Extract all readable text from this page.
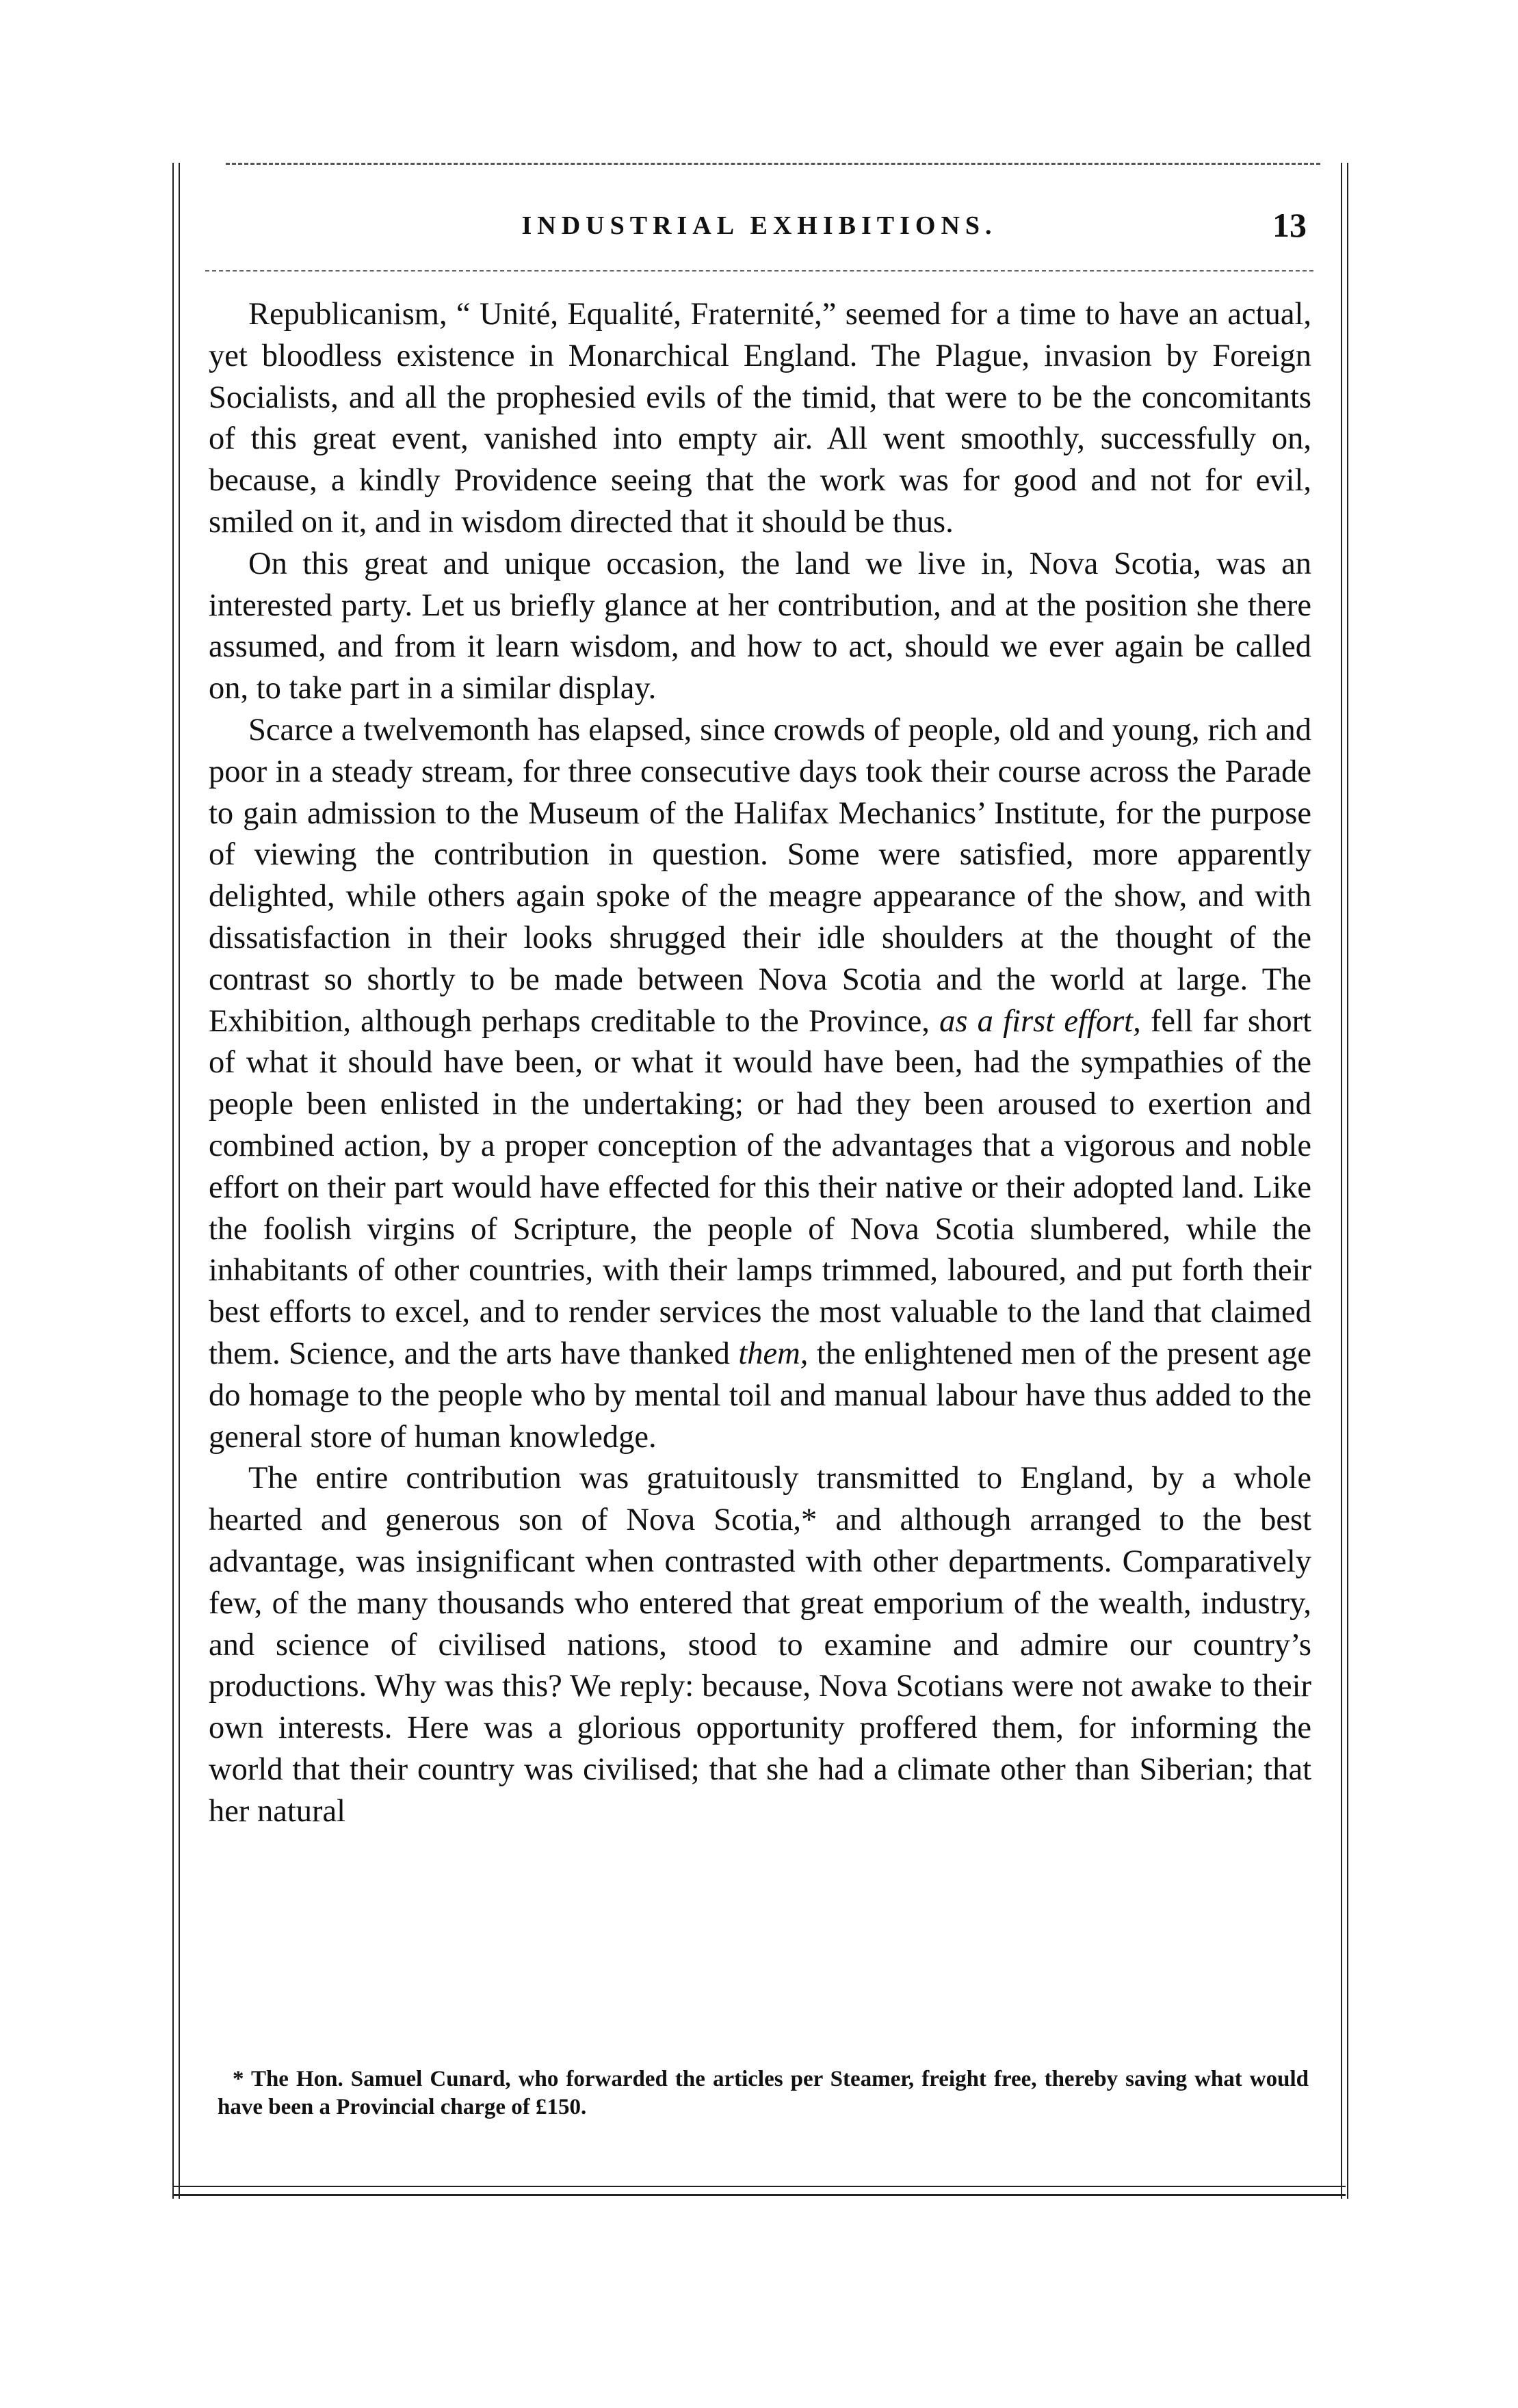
INDUSTRIAL EXHIBITIONS.	13

Republicanism, “ Unité, Equalité, Fraternité,” seemed for a time to have an actual, yet bloodless existence in Monarchical England. The Plague, invasion by Foreign Socialists, and all the prophesied evils of the timid, that were to be the concomitants of this great event, vanished into empty air. All went smoothly, successfully on, because, a kindly Providence seeing that the work was for good and not for evil, smiled on it, and in wisdom directed that it should be thus.

On this great and unique occasion, the land we live in, Nova Scotia, was an interested party. Let us briefly glance at her contribution, and at the position she there assumed, and from it learn wisdom, and how to act, should we ever again be called on, to take part in a similar display.

Scarce a twelvemonth has elapsed, since crowds of people, old and young, rich and poor in a steady stream, for three consecutive days took their course across the Parade to gain admission to the Museum of the Halifax Mechanics’ Institute, for the purpose of viewing the contribution in question. Some were satisfied, more apparently delighted, while others again spoke of the meagre appearance of the show, and with dissatisfaction in their looks shrugged their idle shoulders at the thought of the contrast so shortly to be made between Nova Scotia and the world at large. The Exhibition, although perhaps creditable to the Province, as a first effort, fell far short of what it should have been, or what it would have been, had the sympathies of the people been enlisted in the undertaking; or had they been aroused to exertion and combined action, by a proper conception of the advantages that a vigorous and noble effort on their part would have effected for this their native or their adopted land. Like the foolish virgins of Scripture, the people of Nova Scotia slumbered, while the inhabitants of other countries, with their lamps trimmed, laboured, and put forth their best efforts to excel, and to render services the most valuable to the land that claimed them. Science, and the arts have thanked them, the enlightened men of the present age do homage to the people who by mental toil and manual labour have thus added to the general store of human knowledge.

The entire contribution was gratuitously transmitted to England, by a whole hearted and generous son of Nova Scotia,* and although arranged to the best advantage, was insignificant when contrasted with other departments. Comparatively few, of the many thousands who entered that great emporium of the wealth, industry, and science of civilised nations, stood to examine and admire our country’s productions. Why was this? We reply: because, Nova Scotians were not awake to their own interests. Here was a glorious opportunity proffered them, for informing the world that their country was civilised; that she had a climate other than Siberian; that her natural

* The Hon. Samuel Cunard, who forwarded the articles per Steamer, freight free, thereby saving what would have been a Provincial charge of £150.
